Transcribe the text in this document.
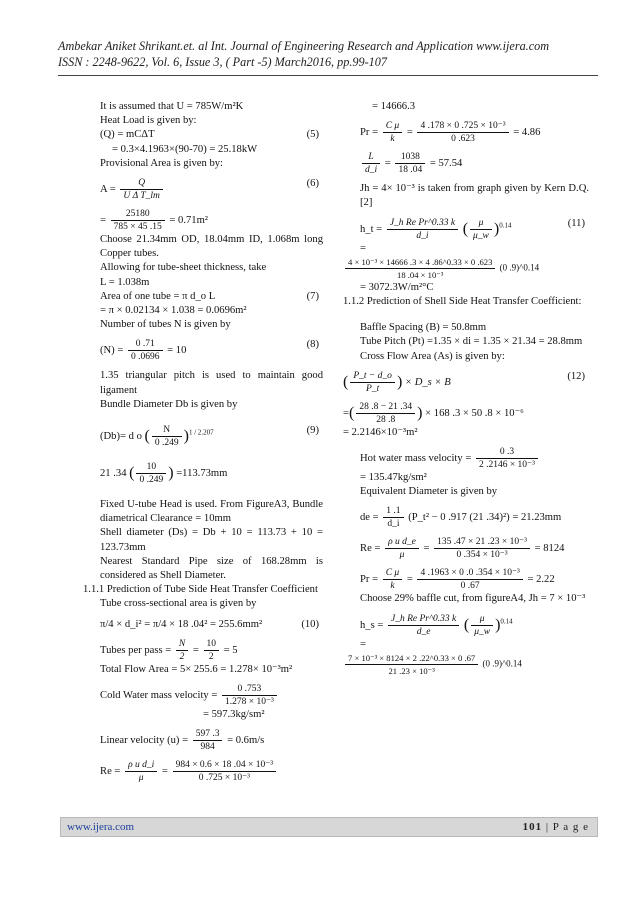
Ambekar Aniket Shrikant.et. al Int. Journal of Engineering Research and Application www.ijera.com
ISSN : 2248-9622, Vol. 6, Issue 3, ( Part -5) March2016, pp.99-107
It is assumed that U = 785W/m²K
Heat Load is given by:
(Q) = mCΔT	(5)
= 0.3×4.1963×(90-70) = 25.18kW
Provisional Area is given by:
$A = \frac{Q}{\text{U Δ T\_lm}}$	(6)
= $\frac{25180}{785 \times 45 .15} = 0.71m^2$
Choose 21.34mm OD, 18.04mm ID, 1.068m long Copper tubes.
Allowing for tube-sheet thickness, take
L = 1.038m
Area of one tube = π d_o L	(7)
= π × 0.02134 × 1.038 = 0.0696m²
Number of tubes N is given by
$(N) = \frac{0 .71}{0 .0696} = 10$
(8)
1.35 triangular pitch is used to maintain good ligament
Bundle Diameter Db is given by
(Db)= d o ( $\frac{N}{0 .249} )^{1 / 2.207}$	(9)
21 .34 ( $\frac{10}{0 .249}$ ) =113.73mm
Fixed U-tube Head is used. From FigureA3, Bundle diametrical Clearance = 10mm
Shell diameter (Ds) = Db + 10 = 113.73 + 10 = 123.73mm
Nearest Standard Pipe size of 168.28mm is considered as Shell Diameter.
1.1.1 Prediction of Tube Side Heat Transfer Coefficient
Tube cross-sectional area is given by
π/4 × d_i² = π/4 × 18 .04² = 255.6mm²	(10)
Tubes per pass = $\frac{N}{2} = \frac{10}{2} = 5$
Total Flow Area = 5× 255.6 = 1.278× 10⁻³m²
Cold Water mass velocity = $\frac{0 .753}{\text{1.278 × 10⁻³}}$
= 597.3kg/sm²
Linear velocity $(u) = \frac{597 .3}{984} = 0.6m/s$
$Re = \frac{\text{ρ u d\_i}}{\mu} = \frac{\text{984 × 0.6 × 18 .04 × 10⁻³}}{\text{0 .725 × 10⁻³}}$
= 14666.3
$Pr = \frac{\text{C μ}}{k} = \frac{\text{4 .178 × 0 .725 × 10⁻³}}{0 .623} = 4.86$
$\frac{L}{d\_i} = \frac{1038}{18 .04} = 57.54$
Jh = 4× 10⁻³ is taken from graph given by Kern D.Q. [2]
h_t = $\frac{\text{J\_h Re Pr\textasciicircum{}0.33 k}}{d\_i}$ ( $\frac{\mu}{\mu\_w} )^{0.14}$	(11)
=
$\frac{\text{4 × 10⁻³ × 14666 .3 × 4 .86\textasciicircum{}0.33 × 0 .623}}{\text{18 .04 × 10⁻³}} (0$ .9)^0.14
= 3072.3W/m²°C
1.1.2 Prediction of Shell Side Heat Transfer Coefficient:
Baffle Spacing (B) = 50.8mm
Tube Pitch (Pt) =1.35 × di = 1.35 × 21.34 = 28.8mm
Cross Flow Area (As) is given by:
( $\frac{P\_t - d\_o}{P\_t}$ ) × D_s × B
(12)
=( $\frac{28 .8 - 21 .34}{28 .8}$ ) × 168 .3 × 50 .8 × 10⁻⁶
= 2.2146×10⁻³m²
Hot water mass velocity = $\frac{0 .3}{\text{2 .2146 × 10⁻³}}$
= 135.47kg/sm²
Equivalent Diameter is given by
de = $\frac{1 .1}{d\_i}$ (P_t² − 0 .917 (21 .34)²) = 21.23mm
$Re = \frac{\text{ρ u d\_e}}{\mu} = \frac{\text{135 .47 × 21 .23 × 10⁻³}}{\text{0 .354 × 10⁻³}} = 8124$
$Pr = \frac{\text{C μ}}{k} = \frac{\text{4 .1963 × 0 .0 .354 × 10⁻³}}{0 .67} = 2.22$
Choose 29% baffle cut, from figureA4, Jh = 7 × 10⁻³
h_s = $\frac{\text{J\_h Re Pr\textasciicircum{}0.33 k}}{d\_e}$ ( $\frac{\mu}{\mu\_w} )^{0.14}$
=
$\frac{\text{7 × 10⁻³ × 8124 × 2 .22\textasciicircum{}0.33 × 0 .67}}{\text{21 .23 × 10⁻³}} (0$ .9)^0.14
www.ijera.com	101 | P a g e
